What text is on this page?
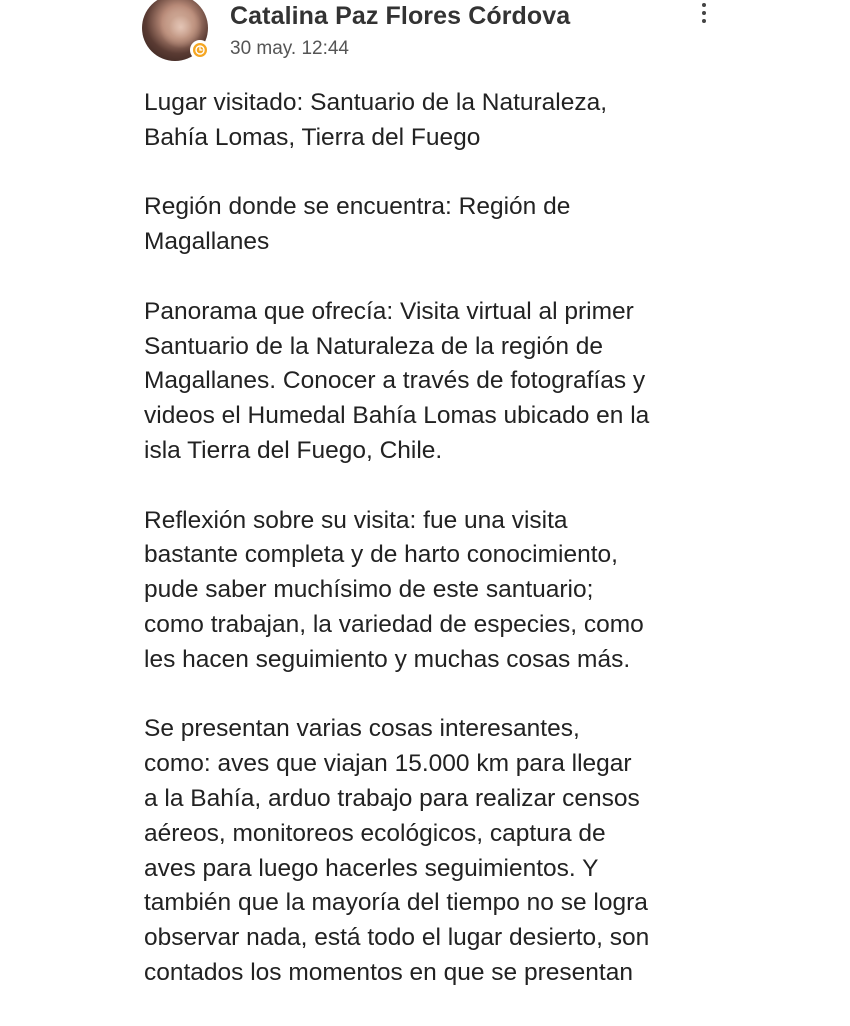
Catalina Paz Flores Córdova
30 may. 12:44

Lugar visitado: Santuario de la Naturaleza,
Bahía Lomas, Tierra del Fuego

Región donde se encuentra: Región de
Magallanes

Panorama que ofrecía: Visita virtual al primer
Santuario de la Naturaleza de la región de
Magallanes. Conocer a través de fotografías y
videos el Humedal Bahía Lomas ubicado en la
isla Tierra del Fuego, Chile.

Reflexión sobre su visita: fue una visita
bastante completa y de harto conocimiento,
pude saber muchísimo de este santuario;
como trabajan, la variedad de especies, como
les hacen seguimiento y muchas cosas más.

Se presentan varias cosas interesantes,
como: aves que viajan 15.000 km para llegar
a la Bahía, arduo trabajo para realizar censos
aéreos, monitoreos ecológicos, captura de
aves para luego hacerles seguimientos. Y
también que la mayoría del tiempo no se logra
observar nada, está todo el lugar desierto, son
contados los momentos en que se presentan
